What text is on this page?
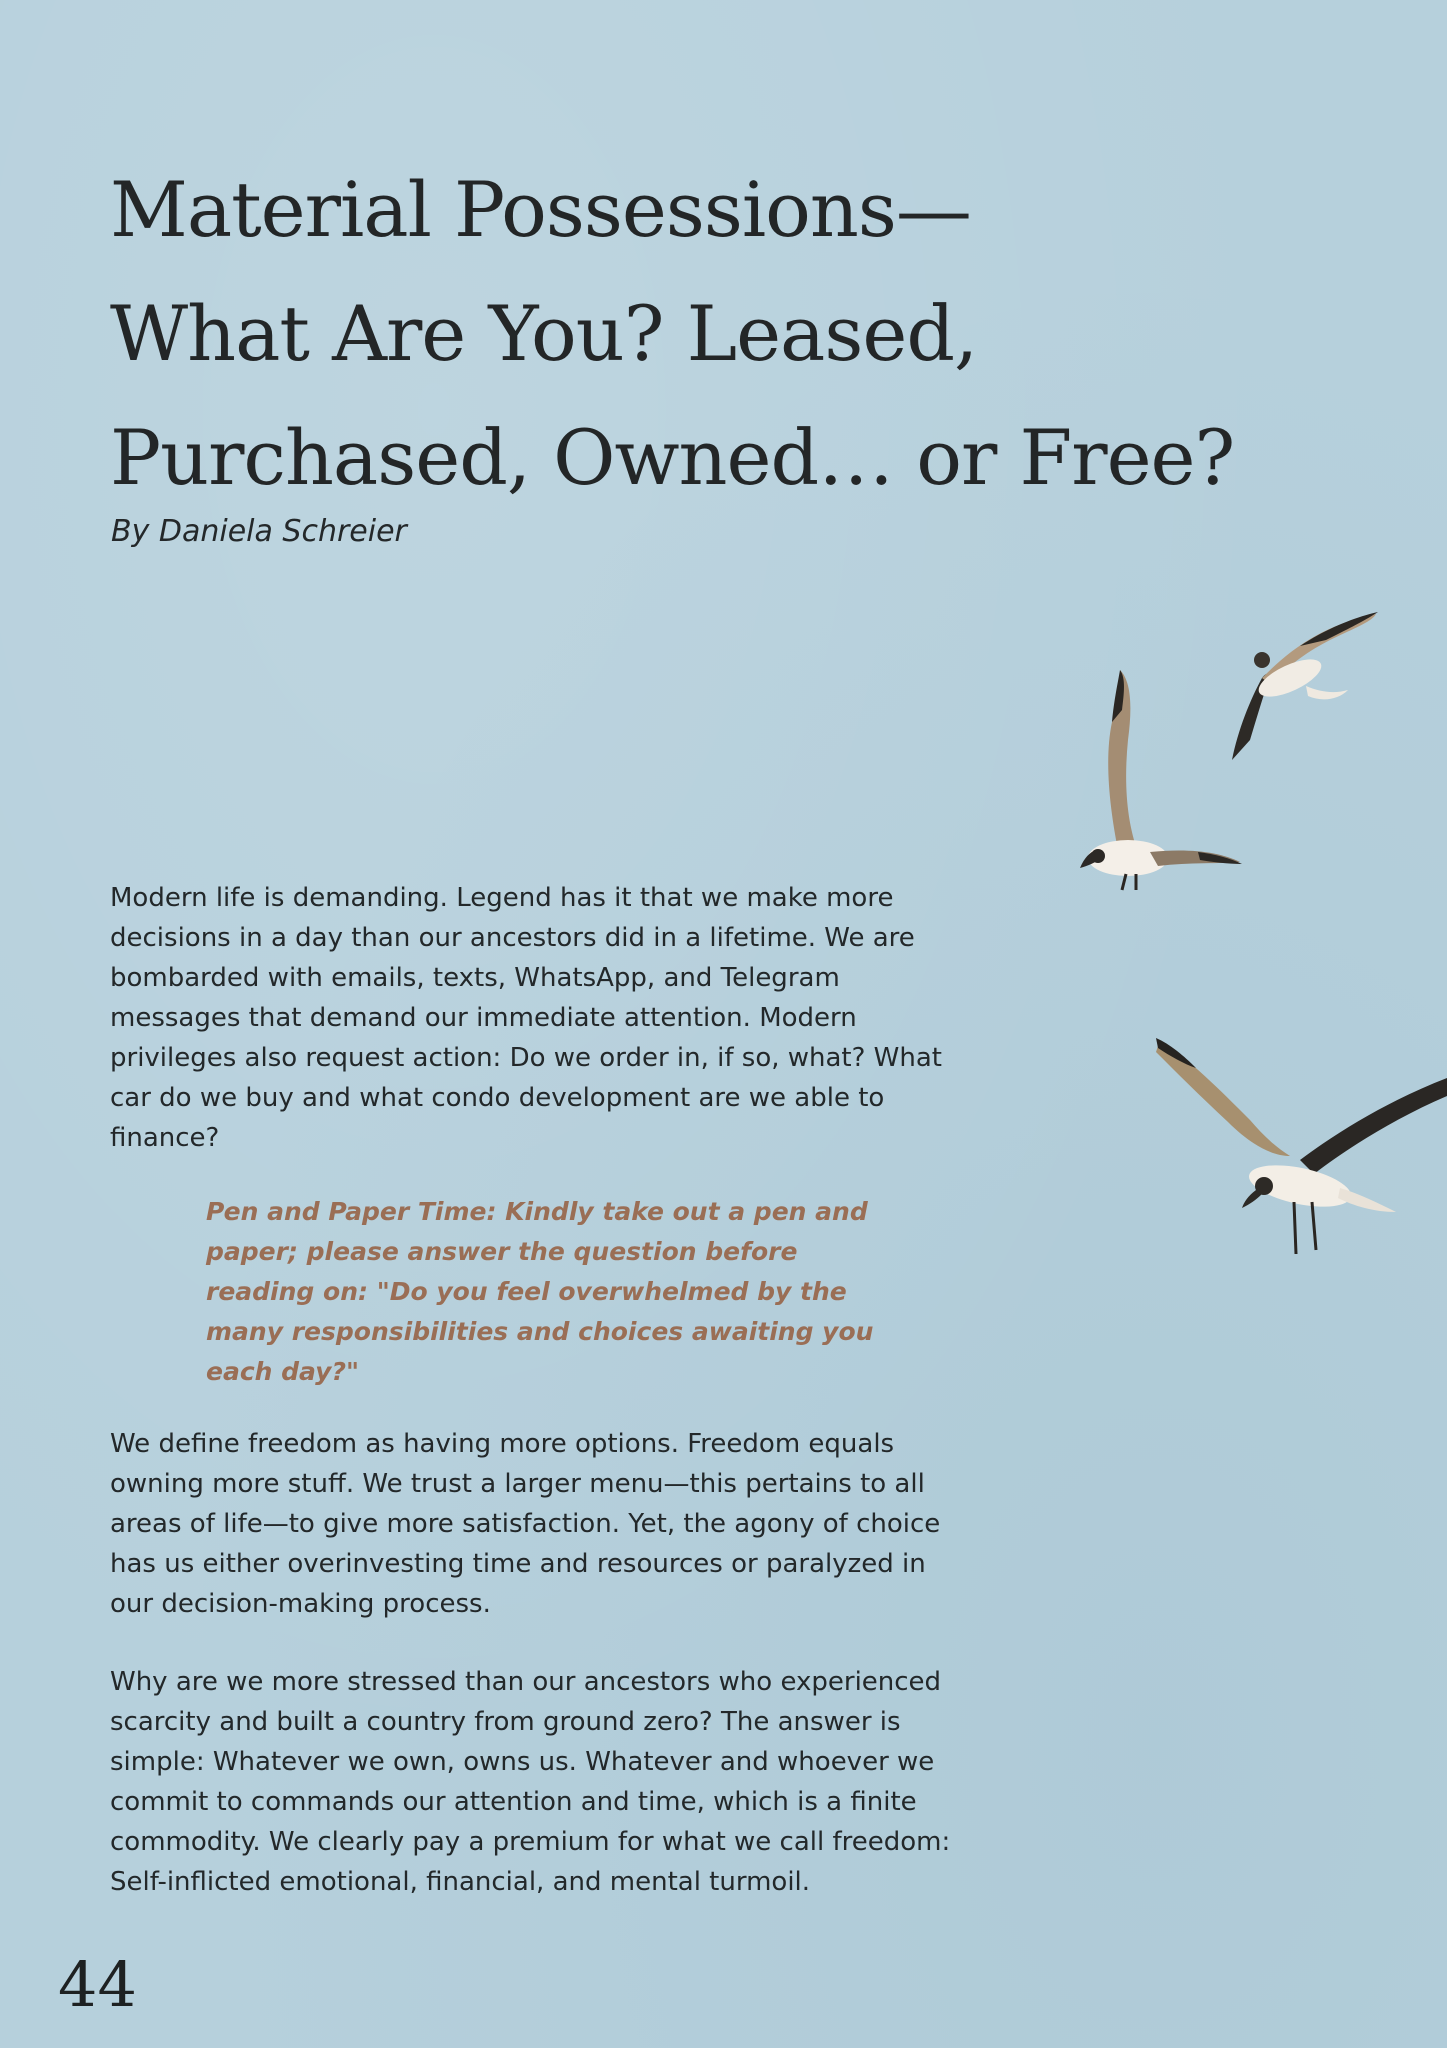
Material Possessions—
What Are You? Leased,
Purchased, Owned… or Free?

By Daniela Schreier

Modern life is demanding. Legend has it that we make more decisions in a day than our ancestors did in a lifetime. We are bombarded with emails, texts, WhatsApp, and Telegram messages that demand our immediate attention. Modern privileges also request action: Do we order in, if so, what? What car do we buy and what condo development are we able to finance?

Pen and Paper Time: Kindly take out a pen and paper; please answer the question before reading on: "Do you feel overwhelmed by the many responsibilities and choices awaiting you each day?"

We define freedom as having more options. Freedom equals owning more stuff. We trust a larger menu—this pertains to all areas of life—to give more satisfaction. Yet, the agony of choice has us either overinvesting time and resources or paralyzed in our decision-making process.

Why are we more stressed than our ancestors who experienced scarcity and built a country from ground zero? The answer is simple: Whatever we own, owns us. Whatever and whoever we commit to commands our attention and time, which is a finite commodity. We clearly pay a premium for what we call freedom: Self-inflicted emotional, financial, and mental turmoil.

44
